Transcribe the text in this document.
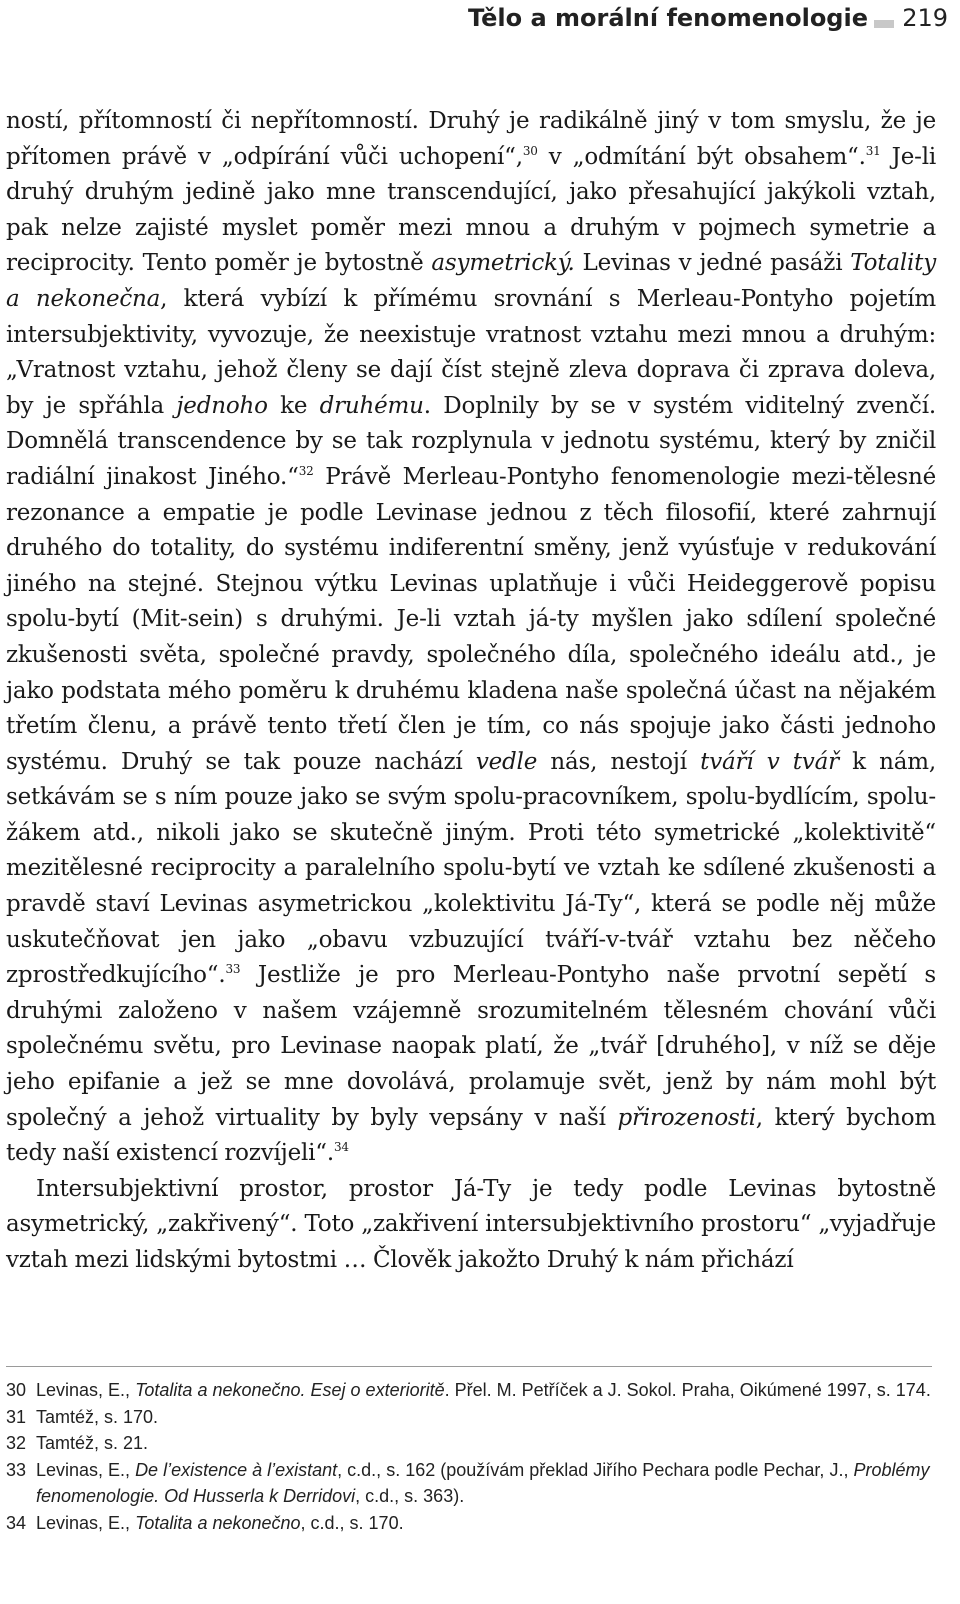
Tělo a morální fenomenologie 219

ností, přítomností či nepřítomností. Druhý je radikálně jiný v tom smyslu, že je přítomen právě v „odpírání vůči uchopení“,$^{30}$ v „odmítání být obsahem“.$^{31}$ Je-li druhý druhým jedině jako mne transcendující, jako přesahující jakýkoli vztah, pak nelze zajisté myslet poměr mezi mnou a druhým v pojmech symetrie a reciprocity. Tento poměr je bytostně asymetrický. Levinas v jedné pasáži Totality a nekonečna, která vybízí k přímému srovnání s Merleau-Pontyho pojetím intersubjektivity, vyvozuje, že neexistuje vratnost vztahu mezi mnou a druhým: „Vratnost vztahu, jehož členy se dají číst stejně zleva doprava či zprava doleva, by je spřáhla jednoho ke druhému. Doplnily by se v systém viditelný zvenčí. Domnělá transcendence by se tak rozplynula v jednotu systému, který by zničil radiální jinakost Jiného.“$^{32}$ Právě Merleau-Pontyho fenomenologie mezi-tělesné rezonance a empatie je podle Levinase jednou z těch filosofií, které zahrnují druhého do totality, do systému indiferentní směny, jenž vyúsťuje v redukování jiného na stejné. Stejnou výtku Levinas uplatňuje i vůči Heideggerově popisu spolu-bytí (Mit-sein) s druhými. Je-li vztah já-ty myšlen jako sdílení společné zkušenosti světa, společné pravdy, společného díla, společného ideálu atd., je jako podstata mého poměru k druhému kladena naše společná účast na nějakém třetím členu, a právě tento třetí člen je tím, co nás spojuje jako části jednoho systému. Druhý se tak pouze nachází vedle nás, nestojí tváří v tvář k nám, setkávám se s ním pouze jako se svým spolu-pracovníkem, spolu-bydlícím, spolu-žákem atd., nikoli jako se skutečně jiným. Proti této symetrické „kolektivitě“ mezitělesné reciprocity a paralelního spolu-bytí ve vztah ke sdílené zkušenosti a pravdě staví Levinas asymetrickou „kolektivitu Já-Ty“, která se podle něj může uskutečňovat jen jako „obavu vzbuzující tváří-v-tvář vztahu bez něčeho zprostředkujícího“.$^{33}$ Jestliže je pro Merleau-Pontyho naše prvotní sepětí s druhými založeno v našem vzájemně srozumitelném tělesném chování vůči společnému světu, pro Levinase naopak platí, že „tvář [druhého], v níž se děje jeho epifanie a jež se mne dovolává, prolamuje svět, jenž by nám mohl být společný a jehož virtuality by byly vepsány v naší přirozenosti, který bychom tedy naší existencí rozvíjeli“.$^{34}$

Intersubjektivní prostor, prostor Já-Ty je tedy podle Levinas bytostně asymetrický, „zakřivený“. Toto „zakřivení intersubjektivního prostoru“ „vyjadřuje vztah mezi lidskými bytostmi … Člověk jakožto Druhý k nám přichází

30 Levinas, E., Totalita a nekonečno. Esej o exterioritě. Přel. M. Petříček a J. Sokol. Praha, Oikúmené 1997, s. 174.
31 Tamtéž, s. 170.
32 Tamtéž, s. 21.
33 Levinas, E., De l’existence à l’existant, c.d., s. 162 (používám překlad Jiřího Pechara podle Pechar, J., Problémy fenomenologie. Od Husserla k Derridovi, c.d., s. 363).
34 Levinas, E., Totalita a nekonečno, c.d., s. 170.
